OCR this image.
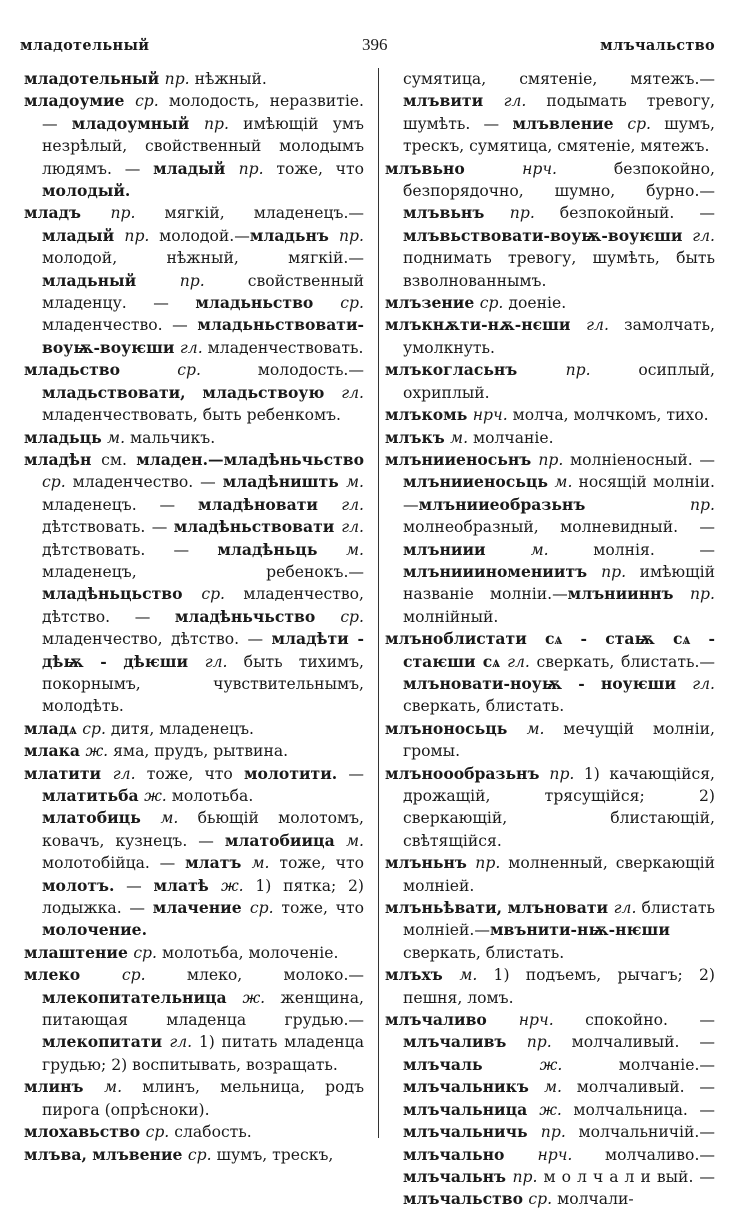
младотельный	396	млъчальство

младотельный пр. нѣжный.

младоумие ср. молодость, неразвитіе. — младоумный пр. имѣющій умъ незрѣлый, свойственный молодымъ людямъ. — младый пр. тоже, что молодый.

младъ пр. мягкій, младенецъ.—младый пр. молодой.—младьнъ пр. молодой, нѣжный, мягкій.—младьный пр. свойственный младенцу. — младьньство ср. младенчество. — младьньствовати-воуѭ-воуѥши гл. младенчествовать.

младьство ср. молодость.—младьствовати, младьствоую гл. младенчествовать, быть ребенкомъ.

младьць м. мальчикъ.

младѣн см. младен.—младѣньчьство ср. младенчество. — младѣништь м. младенецъ. — младѣновати гл. дѣтствовать. — младѣньствовати гл. дѣтствовать. — младѣньць м. младенецъ, ребенокъ.—младѣньцьство ср. младенчество, дѣтство. — младѣньчьство ср. младенчество, дѣтство. — младѣти - дѣѭ - дѣѥши гл. быть тихимъ, покорнымъ, чувствительнымъ, молодѣть.

младѧ ср. дитя, младенецъ.

млака ж. яма, прудъ, рытвина.

млатити гл. тоже, что молотити. — млатитьба ж. молотьба.

млатобиць м. бьющій молотомъ, ковачъ, кузнецъ. — млатобиица м. молотобійца. — млатъ м. тоже, что молотъ. — млатѣ ж. 1) пятка; 2) лодыжка. — млачение ср. тоже, что молочение.

млаштение ср. молотьба, молоченіе.

млеко ср. млеко, молоко.—млекопитательница ж. женщина, питающая младенца грудью.—млекопитати гл. 1) питать младенца грудью; 2) воспитывать, возращать.

млинъ м. млинъ, мельница, родъ пирога (опрѣсноки).

млохавьство ср. слабость.

млъва, млъвение ср. шумъ, трескъ,

сумятица, смятеніе, мятежъ.—млъвити гл. подымать тревогу, шумѣть. — млъвление ср. шумъ, трескъ, сумятица, смятеніе, мятежъ.

млъвьно нрч. безпокойно, безпорядочно, шумно, бурно.—млъвьнъ пр. безпокойный. — млъвьствовати-воуѭ-воуѥши гл. поднимать тревогу, шумѣть, быть взволнованнымъ.

млъзение ср. доеніе.

млъкнѫти-нѫ-нєши гл. замолчать, умолкнуть.

млъкогласьнъ пр. осиплый, охриплый.

млъкомь нрч. молча, молчкомъ, тихо.

млъкъ м. молчаніе.

млънииеносьнъ пр. молніеносный. — млънииеносьць м. носящій молніи. —млънииеобразьнъ пр. молнеобразный, молневидный. — млъниии м. молнія. — млъниииномениитъ пр. имѣющій названіе молніи.—млънииннъ пр. молнійный.

млъноблистати сѧ - стаѭ сѧ - стаѥши сѧ гл. сверкать, блистать.—млъновати-ноуѭ - ноуѥши гл. сверкать, блистать.

млъноносьць м. мечущій молніи, громы.

млъноообразьнъ пр. 1) качающійся, дрожащій, трясущійся; 2) сверкающій, блистающій, свѣтящійся.

млъньнъ пр. молненный, сверкающій молніей.

млъньѣвати, млъновати гл. блистать молніей.—мвънити-нѭ-нѥши сверкать, блистать.

млъхъ м. 1) подъемъ, рычагъ; 2) пешня, ломъ.

млъчаливо нрч. спокойно. — млъчаливъ пр. молчаливый. — млъчаль ж. молчаніе.—млъчальникъ м. молчаливый. — млъчальница ж. молчальница. — млъчальничь пр. молчальничій.—млъчально нрч. молчаливо.—млъчальнъ пр. м о л ч а л и вый. — млъчальство ср. молчали-
